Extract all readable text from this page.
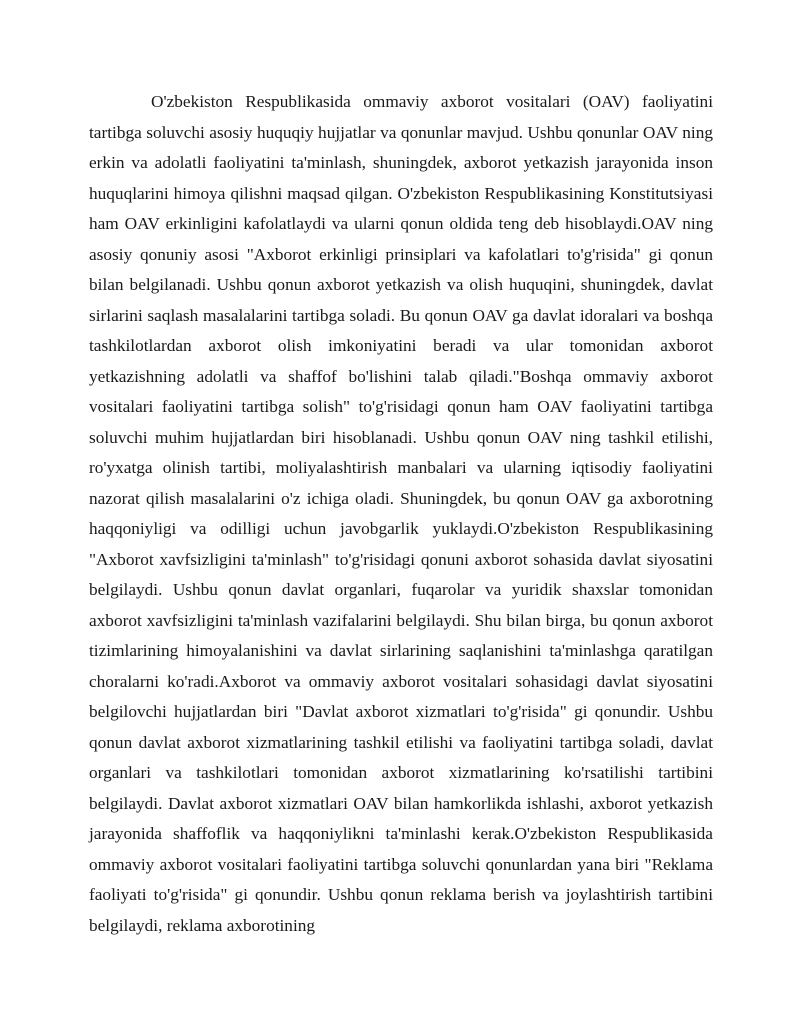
O'zbekiston Respublikasida ommaviy axborot vositalari (OAV) faoliyatini tartibga soluvchi asosiy huquqiy hujjatlar va qonunlar mavjud. Ushbu qonunlar OAV ning erkin va adolatli faoliyatini ta'minlash, shuningdek, axborot yetkazish jarayonida inson huquqlarini himoya qilishni maqsad qilgan. O'zbekiston Respublikasining Konstitutsiyasi ham OAV erkinligini kafolatlaydi va ularni qonun oldida teng deb hisoblaydi.OAV ning asosiy qonuniy asosi "Axborot erkinligi prinsiplari va kafolatlari to'g'risida" gi qonun bilan belgilanadi. Ushbu qonun axborot yetkazish va olish huquqini, shuningdek, davlat sirlarini saqlash masalalarini tartibga soladi. Bu qonun OAV ga davlat idoralari va boshqa tashkilotlardan axborot olish imkoniyatini beradi va ular tomonidan axborot yetkazishning adolatli va shaffof bo'lishini talab qiladi."Boshqa ommaviy axborot vositalari faoliyatini tartibga solish" to'g'risidagi qonun ham OAV faoliyatini tartibga soluvchi muhim hujjatlardan biri hisoblanadi. Ushbu qonun OAV ning tashkil etilishi, ro'yxatga olinish tartibi, moliyalashtirish manbalari va ularning iqtisodiy faoliyatini nazorat qilish masalalarini o'z ichiga oladi. Shuningdek, bu qonun OAV ga axborotning haqqoniyligi va odilligi uchun javobgarlik yuklaydi.O'zbekiston Respublikasining "Axborot xavfsizligini ta'minlash" to'g'risidagi qonuni axborot sohasida davlat siyosatini belgilaydi. Ushbu qonun davlat organlari, fuqarolar va yuridik shaxslar tomonidan axborot xavfsizligini ta'minlash vazifalarini belgilaydi. Shu bilan birga, bu qonun axborot tizimlarining himoyalanishini va davlat sirlarining saqlanishini ta'minlashga qaratilgan choralarni ko'radi.Axborot va ommaviy axborot vositalari sohasidagi davlat siyosatini belgilovchi hujjatlardan biri "Davlat axborot xizmatlari to'g'risida" gi qonundir. Ushbu qonun davlat axborot xizmatlarining tashkil etilishi va faoliyatini tartibga soladi, davlat organlari va tashkilotlari tomonidan axborot xizmatlarining ko'rsatilishi tartibini belgilaydi. Davlat axborot xizmatlari OAV bilan hamkorlikda ishlashi, axborot yetkazish jarayonida shaffoflik va haqqoniylikni ta'minlashi kerak.O'zbekiston Respublikasida ommaviy axborot vositalari faoliyatini tartibga soluvchi qonunlardan yana biri "Reklama faoliyati to'g'risida" gi qonundir. Ushbu qonun reklama berish va joylashtirish tartibini belgilaydi, reklama axborotining
